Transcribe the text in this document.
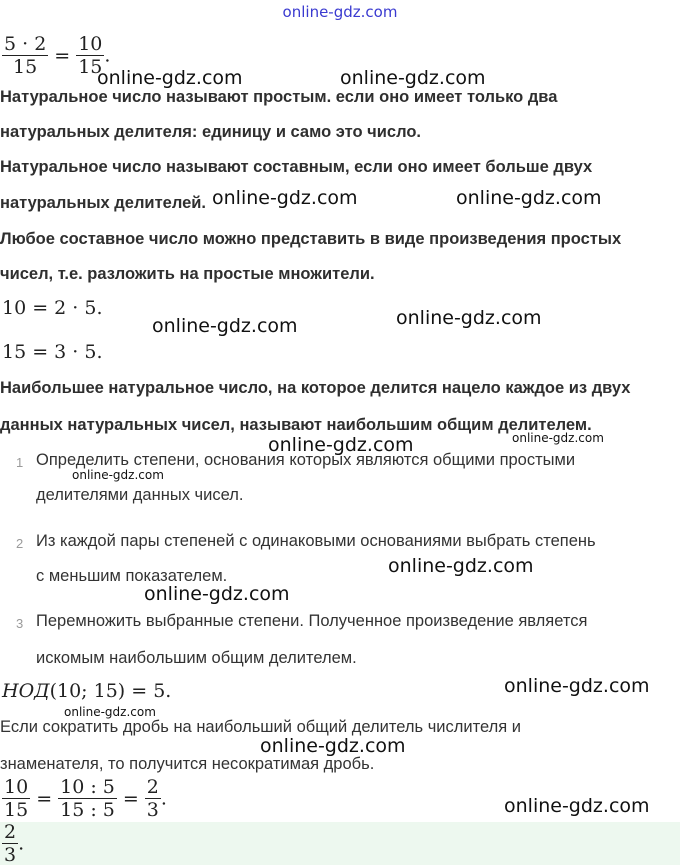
online-gdz.com
$\frac{5 \cdot 2}{15} = \frac{10}{15}$ .
Натуральное число называют простым. если оно имеет только два
натуральных делителя: единицу и само это число.
Натуральное число называют составным, если оно имеет больше двух
натуральных делителей.
Любое составное число можно представить в виде произведения простых
чисел, т.е. разложить на простые множители.
10 = 2 · 5.
15 = 3 · 5.
Наибольшее натуральное число, на которое делится нацело каждое из двух
данных натуральных чисел, называют наибольшим общим делителем.
1 Определить степени, основания которых являются общими простыми
делителями данных чисел.
2 Из каждой пары степеней с одинаковыми основаниями выбрать степень
с меньшим показателем.
3 Перемножить выбранные степени. Полученное произведение является
искомым наибольшим общим делителем.
НОД(10; 15) = 5.
Если сократить дробь на наибольший общий делитель числителя и
знаменателя, то получится несократимая дробь.
$\frac{10}{15} = \frac{10 : 5}{15 : 5} = \frac{2}{3}$ .
$\frac{2}{3}$ .
online-gdz.com	online-gdz.com
online-gdz.com	online-gdz.com
online-gdz.com	online-gdz.com
online-gdz.com
online-gdz.com
online-gdz.com
online-gdz.com
online-gdz.com
online-gdz.com
online-gdz.com
online-gdz.com
online-gdz.com
